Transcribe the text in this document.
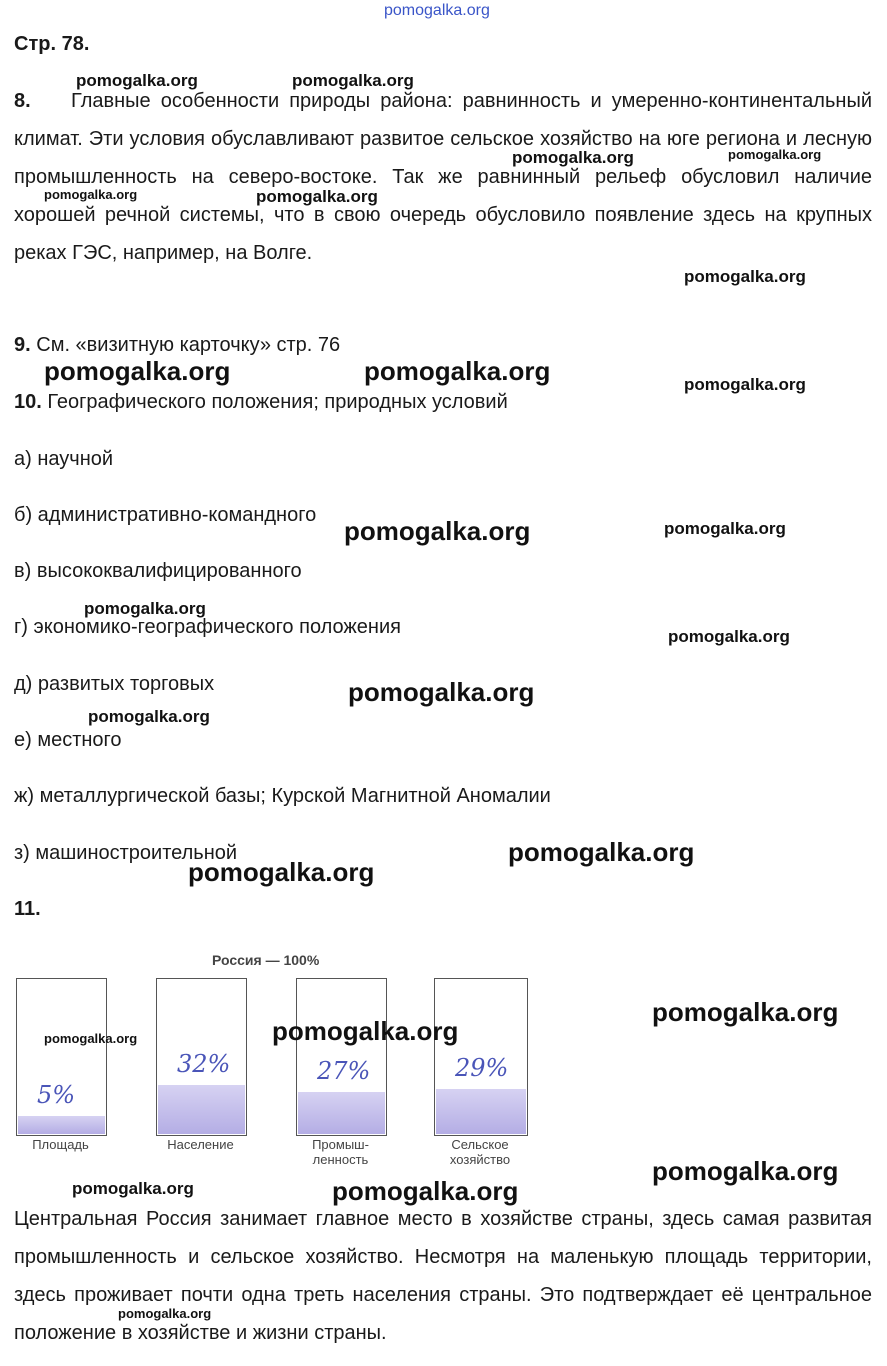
pomogalka.org
Стр. 78.
8. Главные особенности природы района: равнинность и умеренно-континентальный климат. Эти условия обуславливают развитое сельское хозяйство на юге региона и лесную промышленность на северо-востоке. Так же равнинный рельеф обусловил наличие хорошей речной системы, что в свою очередь обусловило появление здесь на крупных реках ГЭС, например, на Волге.
9. См. «визитную карточку» стр. 76
10. Географического положения; природных условий
а) научной
б) административно-командного
в) высококвалифицированного
г) экономико-географического положения
д) развитых торговых
е) местного
ж) металлургической базы; Курской Магнитной Аномалии
з) машиностроительной
11.
Россия — 100%
5%
Площадь
32%
Население
27%
Промыш-
ленность
29%
Сельское
хозяйство
Центральная Россия занимает главное место в хозяйстве страны, здесь самая развитая промышленность и сельское хозяйство. Несмотря на маленькую площадь территории, здесь проживает почти одна треть населения страны. Это подтверждает её центральное положение в хозяйстве и жизни страны.
pomogalka.org	pomogalka.org
pomogalka.org	pomogalka.org
pomogalka.org	pomogalka.org
pomogalka.org
pomogalka.org	pomogalka.org	pomogalka.org
pomogalka.org	pomogalka.org
pomogalka.org
pomogalka.org
pomogalka.org
pomogalka.org
pomogalka.org
pomogalka.org
pomogalka.org
pomogalka.org	pomogalka.org
pomogalka.org
pomogalka.org	pomogalka.org
pomogalka.org
